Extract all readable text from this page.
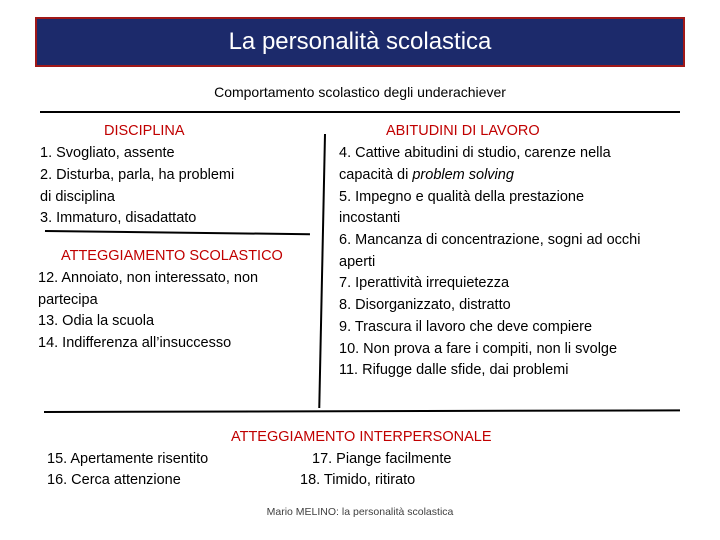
La personalità scolastica
Comportamento scolastico degli underachiever
DISCIPLINA
1. Svogliato, assente
2. Disturba, parla, ha problemi
di disciplina
3. Immaturo, disadattato
ATTEGGIAMENTO SCOLASTICO
12. Annoiato, non interessato, non
partecipa
13. Odia la scuola
14. Indifferenza all’insuccesso
ABITUDINI DI LAVORO
4. Cattive abitudini di studio, carenze nella
capacità di problem solving
5. Impegno e qualità della prestazione
incostanti
6. Mancanza di concentrazione, sogni ad occhi
aperti
7. Iperattività irrequietezza
8. Disorganizzato, distratto
9. Trascura il lavoro che deve compiere
10. Non prova a fare i compiti, non li svolge
11. Rifugge dalle sfide, dai problemi
ATTEGGIAMENTO INTERPERSONALE
15. Apertamente risentito	17. Piange facilmente
16. Cerca attenzione	18. Timido, ritirato
Mario MELINO: la personalità scolastica
